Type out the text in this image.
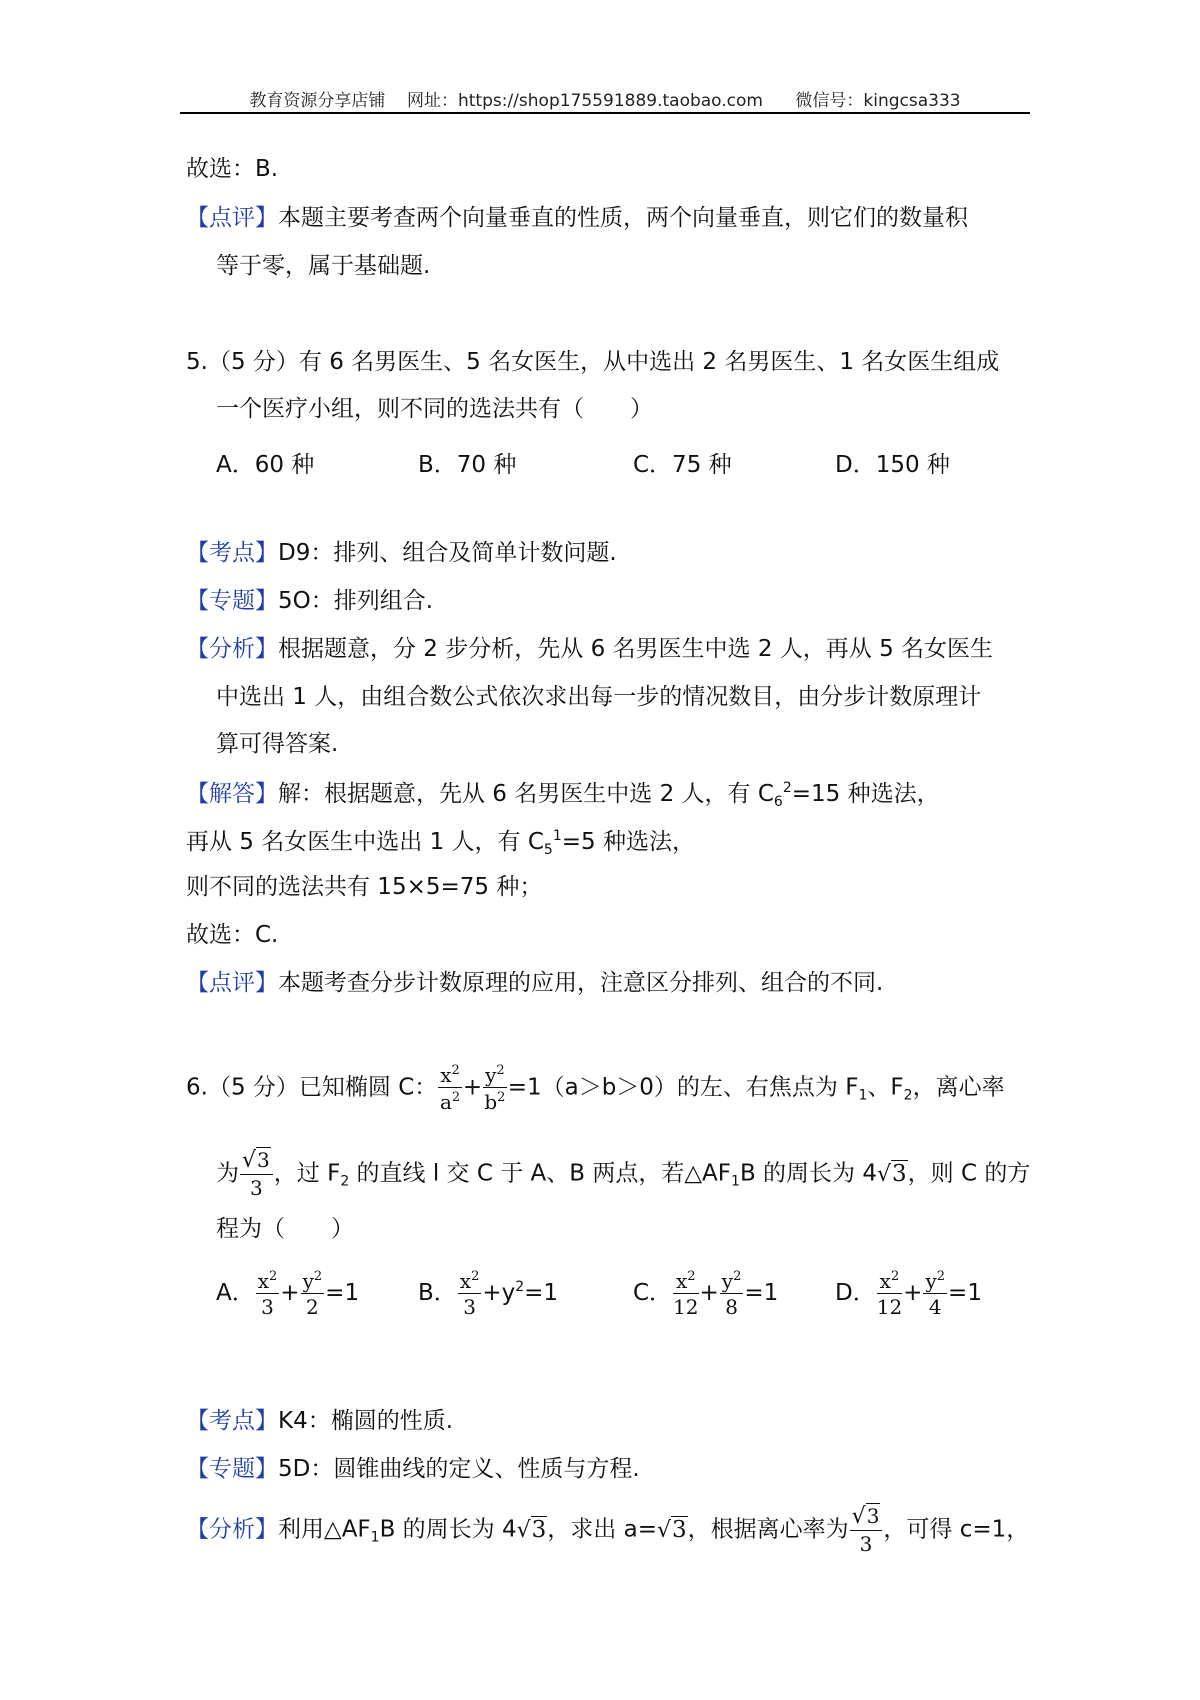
教育资源分享店铺    网址：https://shop175591889.taobao.com      微信号：kingcsa333
故选：B.
【点评】本题主要考查两个向量垂直的性质，两个向量垂直，则它们的数量积
等于零，属于基础题.
5.（5 分）有 6 名男医生、5 名女医生，从中选出 2 名男医生、1 名女医生组成
一个医疗小组，则不同的选法共有（　　）
A．60 种	B．70 种	C．75 种	D．150 种
【考点】D9：排列、组合及简单计数问题.
【专题】5O：排列组合.
【分析】根据题意，分 2 步分析，先从 6 名男医生中选 2 人，再从 5 名女医生
中选出 1 人，由组合数公式依次求出每一步的情况数目，由分步计数原理计
算可得答案.
【解答】解：根据题意，先从 6 名男医生中选 2 人，有 $C_6^2=15$ 种选法，
再从 5 名女医生中选出 1 人，有 $C_5^1=5$ 种选法，
则不同的选法共有 15×5=75 种；
故选：C.
【点评】本题考查分步计数原理的应用，注意区分排列、组合的不同.
6.（5 分）已知椭圆 C： $\frac{x^2}{a^2} + \frac{y^2}{b^2} =1(a>b>0)$的左、右焦点为 $F_1$、$F_2$，离心率
为 $\frac{√3}{3}$ ，过 $F_2$ 的直线 l 交 C 于 A、B 两点，若$\triangle AF_1B$ 的周长为 4√3，则 C 的方
程为（　　）
A． $\frac{x^2}{3} + \frac{y^2}{2} =1$	B． $\frac{x^2}{3} +y^2=1$	C． $\frac{x^2}{12} + \frac{y^2}{8} =1$ D． $\frac{x^2}{12} + \frac{y^2}{4} =1$
【考点】K4：椭圆的性质.
【专题】5D：圆锥曲线的定义、性质与方程.
【分析】利用$\triangle AF_1B$ 的周长为 4√3，求出 a=√3，根据离心率为 $\frac{√3}{3}$ ，可得 c=1，
